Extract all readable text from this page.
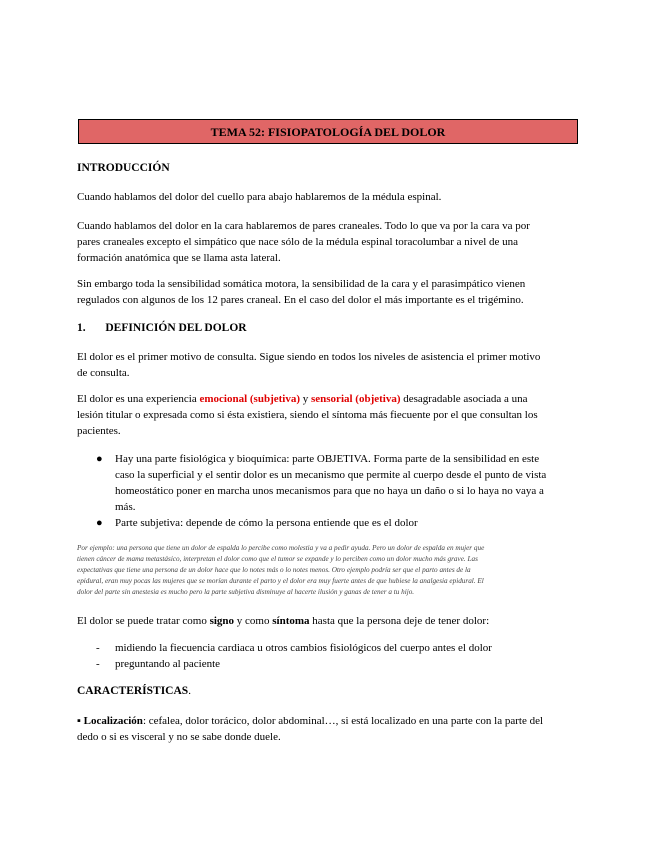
TEMA 52: FISIOPATOLOGÍA DEL DOLOR
INTRODUCCIÓN

Cuando hablamos del dolor del cuello para abajo hablaremos de la médula espinal.

Cuando hablamos del dolor en la cara hablaremos de pares craneales. Todo lo que va por la cara va por

pares craneales excepto el simpático que nace sólo de la médula espinal toracolumbar a nivel de una

formación anatómica que se llama asta lateral.

Sin embargo toda la sensibilidad somática motora, la sensibilidad de la cara y el parasimpático vienen

regulados con algunos de los 12 pares craneal. En el caso del dolor el más importante es el trigémino.

1. DEFINICIÓN DEL DOLOR

El dolor es el primer motivo de consulta. Sigue siendo en todos los niveles de asistencia el primer motivo

de consulta.

El dolor es una experiencia emocional (subjetiva) y sensorial (objetiva) desagradable asociada a una

lesión titular o expresada como si ésta existiera, siendo el síntoma más fiecuente por el que consultan los

pacientes.

● Hay una parte fisiológica y bioquímica: parte OBJETIVA. Forma parte de la sensibilidad en este

caso la superficial y el sentir dolor es un mecanismo que permite al cuerpo desde el punto de vista

homeostático poner en marcha unos mecanismos para que no haya un daño o si lo haya no vaya a

más.

● Parte subjetiva: depende de cómo la persona entiende que es el dolor

Por ejemplo: una persona que tiene un dolor de espalda lo percibe como molestia y va a pedir ayuda. Pero un dolor de espalda en mujer que

tienen cáncer de mama metastásico, interpretan el dolor como que el tumor se expande y lo perciben como un dolor mucho más grave. Las

expectativas que tiene una persona de un dolor hace que lo notes más o lo notes menos. Otro ejemplo podría ser que el parto antes de la

epidural, eran muy pocas las mujeres que se morían durante el parto y el dolor era muy fuerte antes de que hubiese la analgesia epidural. El

dolor del parte sin anestesia es mucho pero la parte subjetiva disminuye al hacerte ilusión y ganas de tener a tu hijo.

El dolor se puede tratar como signo y como síntoma hasta que la persona deje de tener dolor:

- midiendo la fiecuencia cardiaca u otros cambios fisiológicos del cuerpo antes el dolor

- preguntando al paciente

CARACTERÍSTICAS.

▪ Localización: cefalea, dolor torácico, dolor abdominal…, si está localizado en una parte con la parte del

dedo o si es visceral y no se sabe donde duele.
